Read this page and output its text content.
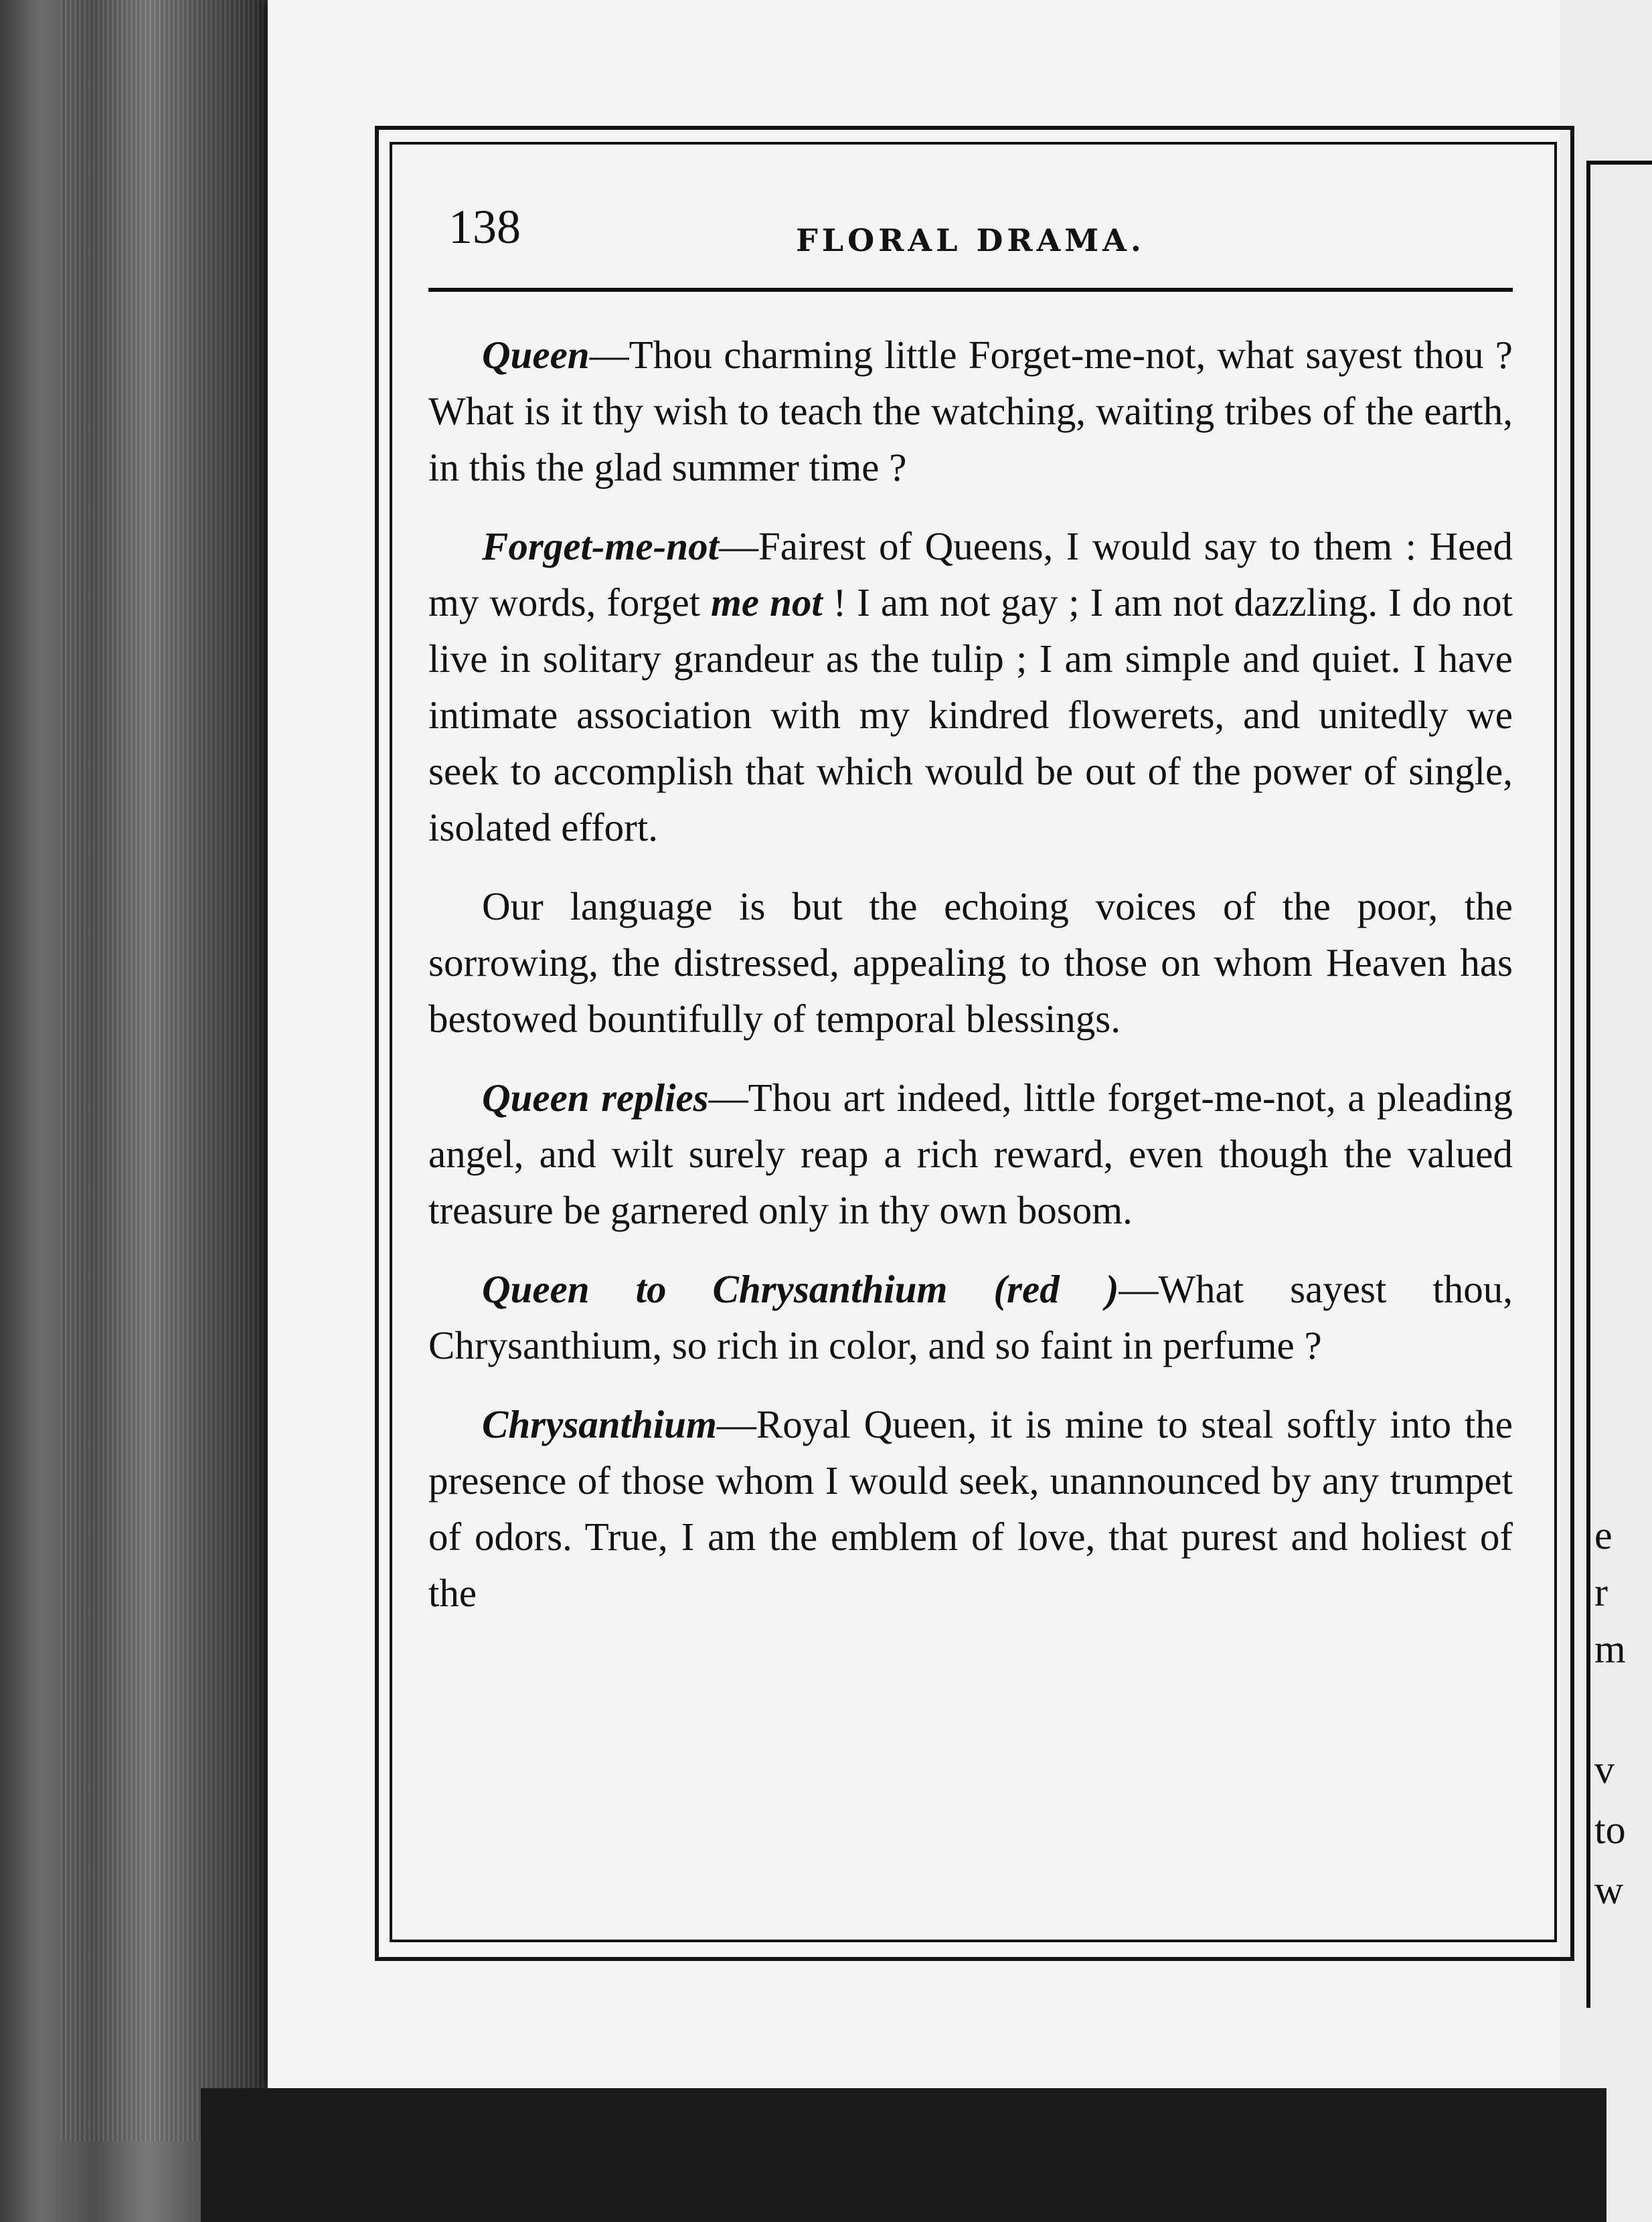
e
r
m
v
to
w
138	FLORAL DRAMA.

Queen—Thou charming little Forget-me-not, what sayest thou ? What is it thy wish to teach the watching, waiting tribes of the earth, in this the glad summer time ?

Forget-me-not—Fairest of Queens, I would say to them : Heed my words, forget me not ! I am not gay ; I am not dazzling. I do not live in solitary grandeur as the tulip ; I am simple and quiet. I have intimate association with my kindred flowerets, and unitedly we seek to accomplish that which would be out of the power of single, isolated effort.

Our language is but the echoing voices of the poor, the sorrowing, the distressed, appealing to those on whom Heaven has bestowed bountifully of temporal blessings.

Queen replies—Thou art indeed, little forget-me-not, a pleading angel, and wilt surely reap a rich reward, even though the valued treasure be garnered only in thy own bosom.

Queen to Chrysanthium (red )—What sayest thou, Chrysanthium, so rich in color, and so faint in perfume ?

Chrysanthium—Royal Queen, it is mine to steal softly into the presence of those whom I would seek, unannounced by any trumpet of odors. True, I am the emblem of love, that purest and holiest of the
